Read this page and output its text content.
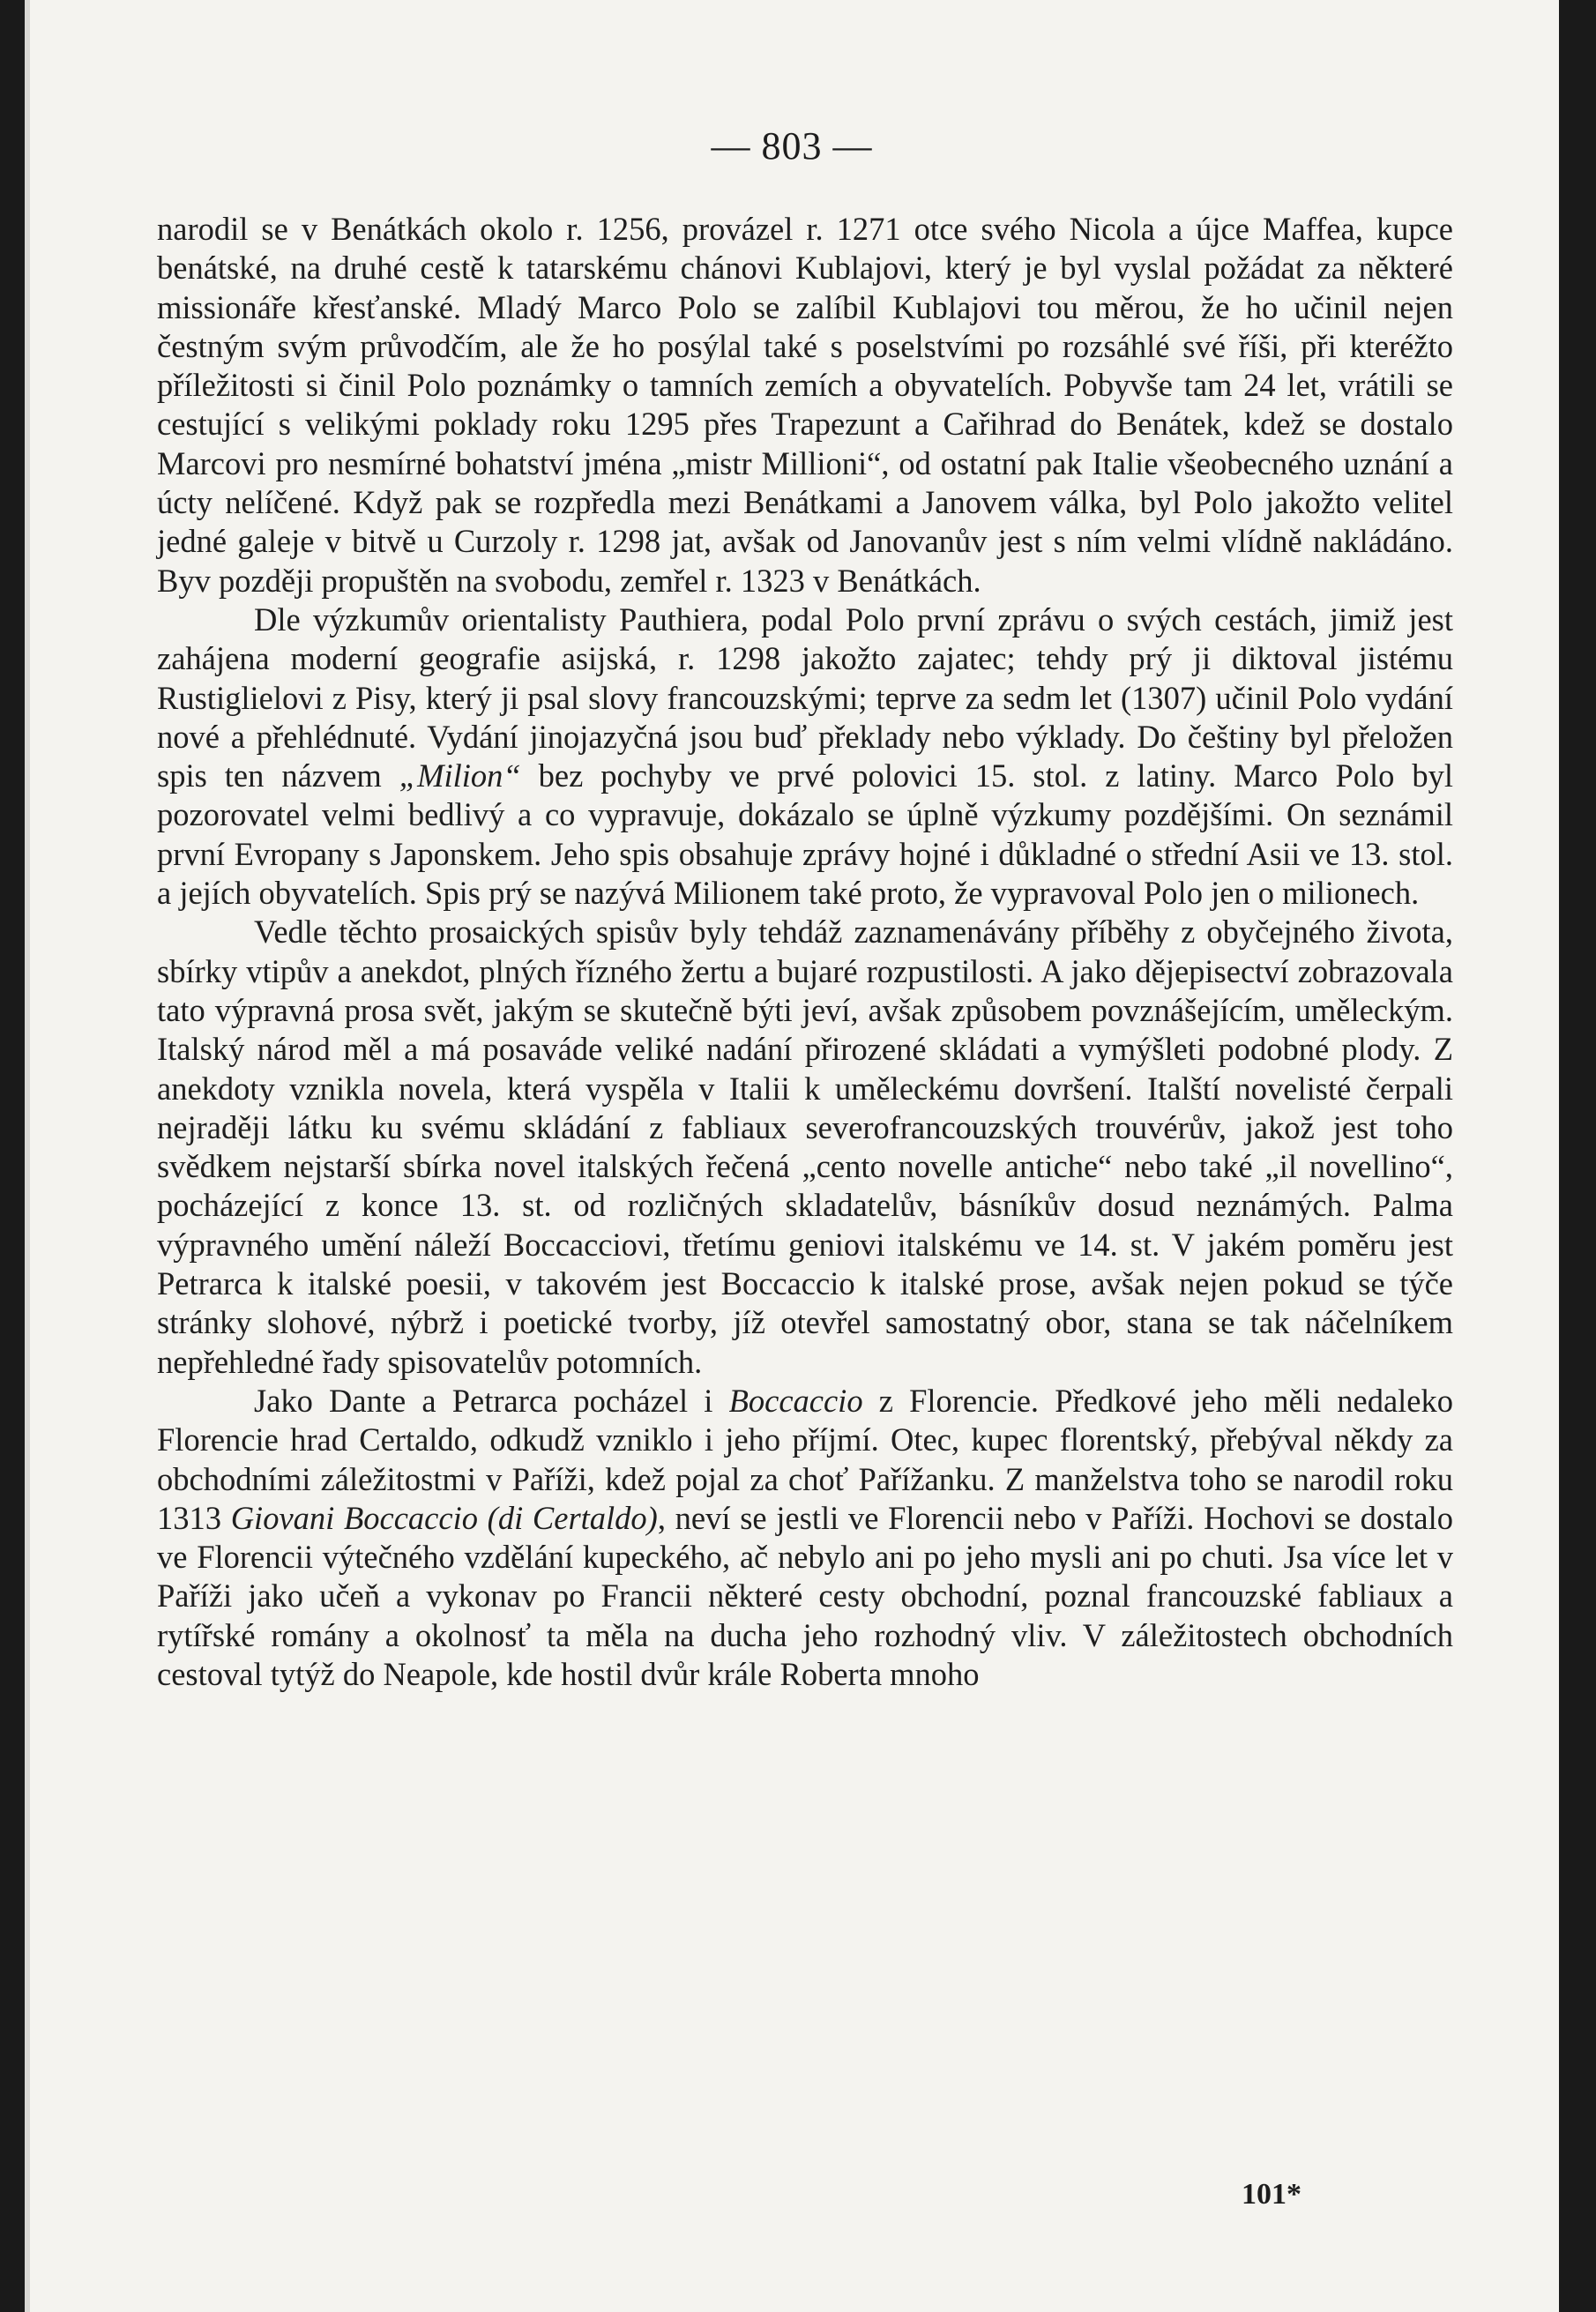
— 803 —

narodil se v Benátkách okolo r. 1256, provázel r. 1271 otce svého Nicola a újce Maffea, kupce benátské, na druhé cestě k tatarskému chánovi Kublajovi, který je byl vyslal požádat za některé missionáře křesťanské. Mladý Marco Polo se zalíbil Kublajovi tou měrou, že ho učinil nejen čestným svým průvodčím, ale že ho posýlal také s poselstvími po rozsáhlé své říši, při kteréžto příležitosti si činil Polo poznámky o tamních zemích a obyvatelích. Pobyvše tam 24 let, vrátili se cestující s velikými poklady roku 1295 přes Trapezunt a Cařihrad do Benátek, kdež se dostalo Marcovi pro nesmírné bohatství jména „mistr Millioni“, od ostatní pak Italie všeobecného uznání a úcty nelíčené. Když pak se rozpředla mezi Benátkami a Janovem válka, byl Polo jakožto velitel jedné galeje v bitvě u Curzoly r. 1298 jat, avšak od Janovanův jest s ním velmi vlídně nakládáno. Byv později propuštěn na svobodu, zemřel r. 1323 v Benátkách.

Dle výzkumův orientalisty Pauthiera, podal Polo první zprávu o svých cestách, jimiž jest zahájena moderní geografie asijská, r. 1298 jakožto zajatec; tehdy prý ji diktoval jistému Rustiglielovi z Pisy, který ji psal slovy francouzskými; teprve za sedm let (1307) učinil Polo vydání nové a přehlédnuté. Vydání jinojazyčná jsou buď překlady nebo výklady. Do češtiny byl přeložen spis ten názvem „Milion“ bez pochyby ve prvé polovici 15. stol. z latiny. Marco Polo byl pozorovatel velmi bedlivý a co vypravuje, dokázalo se úplně výzkumy pozdějšími. On seznámil první Evropany s Japonskem. Jeho spis obsahuje zprávy hojné i důkladné o střední Asii ve 13. stol. a jejích obyvatelích. Spis prý se nazývá Milionem také proto, že vypravoval Polo jen o milionech.

Vedle těchto prosaických spisův byly tehdáž zaznamenávány příběhy z obyčejného života, sbírky vtipův a anekdot, plných řízného žertu a bujaré rozpustilosti. A jako dějepisectví zobrazovala tato výpravná prosa svět, jakým se skutečně býti jeví, avšak způsobem povznášejícím, uměleckým. Italský národ měl a má posaváde veliké nadání přirozené skládati a vymýšleti podobné plody. Z anekdoty vznikla novela, která vyspěla v Italii k uměleckému dovršení. Italští novelisté čerpali nejraději látku ku svému skládání z fabliaux severofrancouzských trouvérův, jakož jest toho svědkem nejstarší sbírka novel italských řečená „cento novelle antiche“ nebo také „il novellino“, pocházející z konce 13. st. od rozličných skladatelův, básníkův dosud neznámých. Palma výpravného umění náleží Boccacciovi, třetímu geniovi italskému ve 14. st. V jakém poměru jest Petrarca k italské poesii, v takovém jest Boccaccio k italské prose, avšak nejen pokud se týče stránky slohové, nýbrž i poetické tvorby, jíž otevřel samostatný obor, stana se tak náčelníkem nepřehledné řady spisovatelův potomních.

Jako Dante a Petrarca pocházel i Boccaccio z Florencie. Předkové jeho měli nedaleko Florencie hrad Certaldo, odkudž vzniklo i jeho příjmí. Otec, kupec florentský, přebýval někdy za obchodními záležitostmi v Paříži, kdež pojal za choť Pařížanku. Z manželstva toho se narodil roku 1313 Giovani Boccaccio (di Certaldo), neví se jestli ve Florencii nebo v Paříži. Hochovi se dostalo ve Florencii výtečného vzdělání kupeckého, ač nebylo ani po jeho mysli ani po chuti. Jsa více let v Paříži jako učeň a vykonav po Francii některé cesty obchodní, poznal francouzské fabliaux a rytířské romány a okolnosť ta měla na ducha jeho rozhodný vliv. V záležitostech obchodních cestoval tytýž do Neapole, kde hostil dvůr krále Roberta mnoho

101*
